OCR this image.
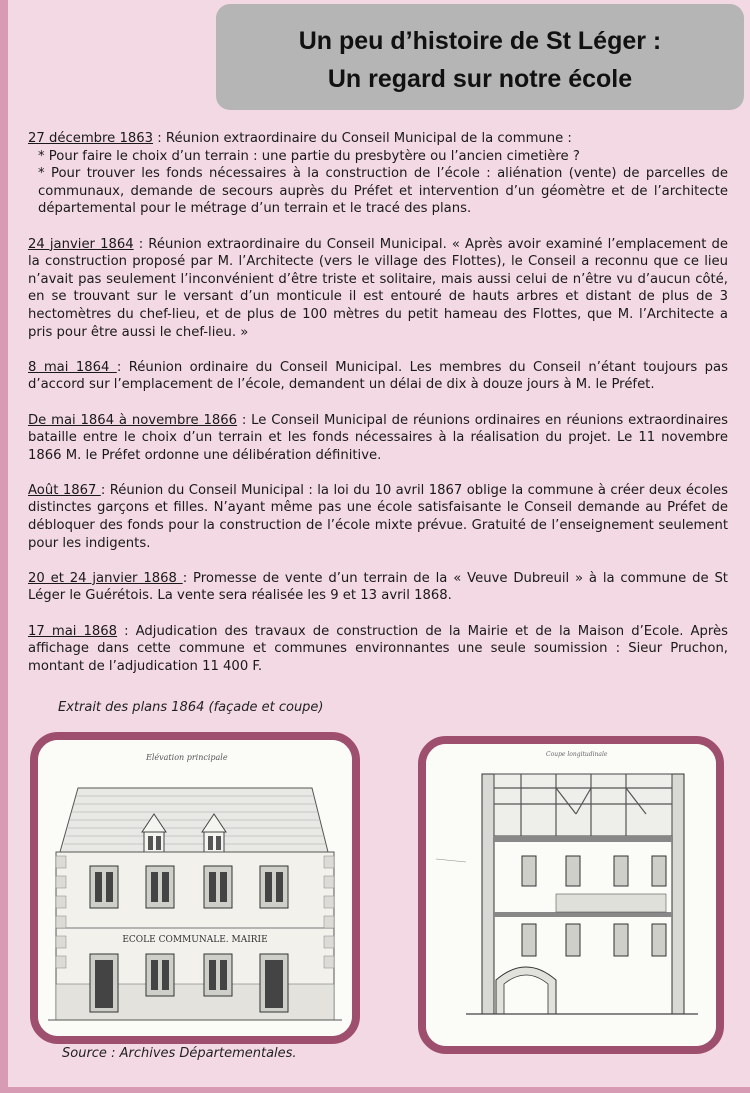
Un peu d’histoire de St Léger :
Un regard sur notre école

27 décembre 1863 : Réunion extraordinaire du Conseil Municipal de la commune :
* Pour faire le choix d’un terrain : une partie du presbytère ou l’ancien cimetière ?
* Pour trouver les fonds nécessaires à la construction de l’école : aliénation (vente) de parcelles de communaux, demande de secours auprès du Préfet et intervention d’un géomètre et de l’architecte départemental pour le métrage d’un terrain et le tracé des plans.

24 janvier 1864 : Réunion extraordinaire du Conseil Municipal. « Après avoir examiné l’emplacement de la construction proposé par M. l’Architecte (vers le village des Flottes), le Conseil a reconnu que ce lieu n’avait pas seulement l’inconvénient d’être triste et solitaire, mais aussi celui de n’être vu d’aucun côté, en se trouvant sur le versant d’un monticule il est entouré de hauts arbres et distant de plus de 3 hectomètres du chef-lieu, et de plus de 100 mètres du petit hameau des Flottes, que M. l’Architecte a pris pour être aussi le chef-lieu. »

8 mai 1864 : Réunion ordinaire du Conseil Municipal. Les membres du Conseil n’étant toujours pas d’accord sur l’emplacement de l’école, demandent un délai de dix à douze jours à M. le Préfet.

De mai 1864 à novembre 1866 : Le Conseil Municipal de réunions ordinaires en réunions extraordinaires bataille entre le choix d’un terrain et les fonds nécessaires à la réalisation du projet. Le 11 novembre 1866 M. le Préfet ordonne une délibération définitive.

Août 1867 : Réunion du Conseil Municipal : la loi du 10 avril 1867 oblige la commune à créer deux écoles distinctes garçons et filles. N’ayant même pas une école satisfaisante le Conseil demande au Préfet de débloquer des fonds pour la construction de l’école mixte prévue. Gratuité de l’enseignement seulement pour les indigents.

20 et 24 janvier 1868 : Promesse de vente d’un terrain de la « Veuve Dubreuil » à la commune de St Léger le Guérétois. La vente sera réalisée les 9 et 13 avril 1868.

17 mai 1868 : Adjudication des travaux de construction de la Mairie et de la Maison d’Ecole. Après affichage dans cette commune et communes environnantes une seule soumission : Sieur Pruchon, montant de l’adjudication 11 400 F.

Extrait des plans 1864 (façade et coupe)
Elévation principale
ECOLE COMMUNALE. MAIRIE
Coupe longitudinale
Source : Archives Départementales.
